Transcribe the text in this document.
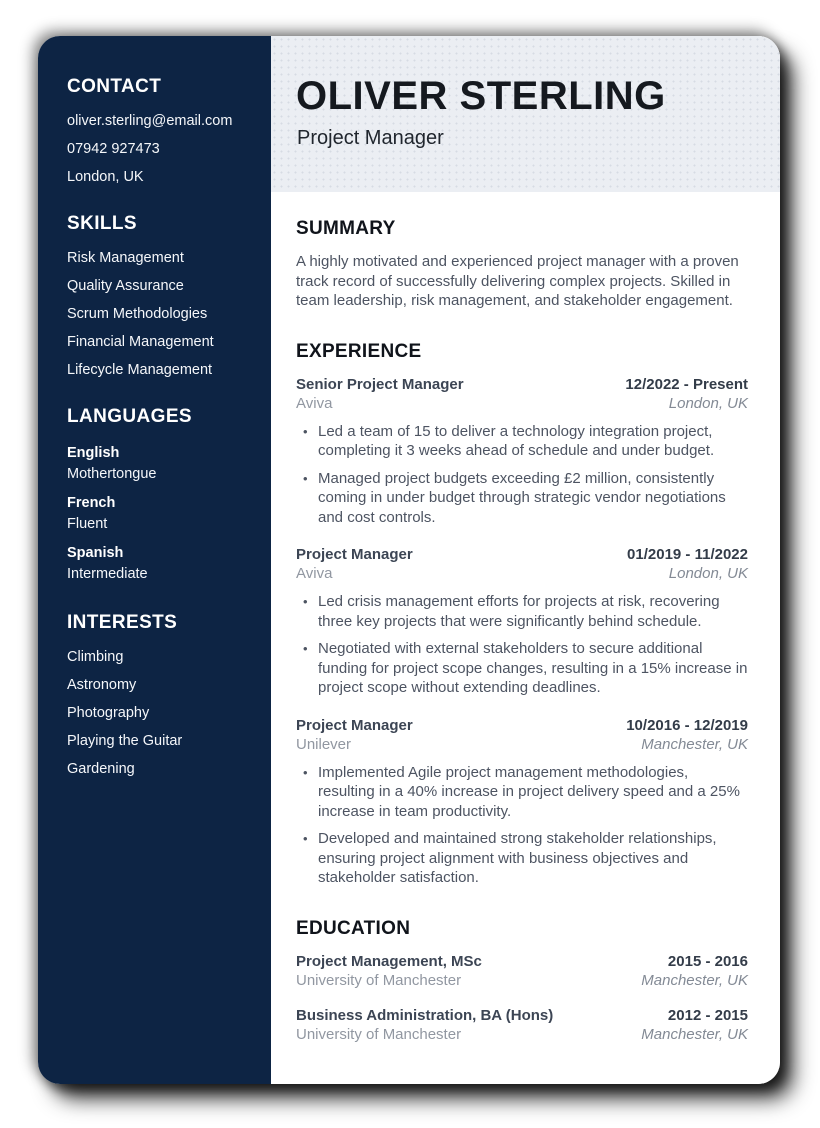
CONTACT
oliver.sterling@email.com
07942 927473
London, UK
SKILLS
Risk Management
Quality Assurance
Scrum Methodologies
Financial Management
Lifecycle Management
LANGUAGES
English
Mothertongue
French
Fluent
Spanish
Intermediate
INTERESTS
Climbing
Astronomy
Photography
Playing the Guitar
Gardening
OLIVER STERLING
Project Manager
SUMMARY

A highly motivated and experienced project manager with a proven track record of successfully delivering complex projects. Skilled in team leadership, risk management, and stakeholder engagement.

EXPERIENCE
Senior Project Manager	12/2022 - Present
Aviva	London, UK
• Led a team of 15 to deliver a technology integration project, completing it 3 weeks ahead of schedule and under budget.
• Managed project budgets exceeding £2 million, consistently coming in under budget through strategic vendor negotiations and cost controls.
Project Manager	01/2019 - 11/2022
Aviva	London, UK
• Led crisis management efforts for projects at risk, recovering three key projects that were significantly behind schedule.
• Negotiated with external stakeholders to secure additional funding for project scope changes, resulting in a 15% increase in project scope without extending deadlines.
Project Manager	10/2016 - 12/2019
Unilever	Manchester, UK
• Implemented Agile project management methodologies, resulting in a 40% increase in project delivery speed and a 25% increase in team productivity.
• Developed and maintained strong stakeholder relationships, ensuring project alignment with business objectives and stakeholder satisfaction.
EDUCATION
Project Management, MSc	2015 - 2016
University of Manchester	Manchester, UK
Business Administration, BA (Hons)	2012 - 2015
University of Manchester	Manchester, UK
